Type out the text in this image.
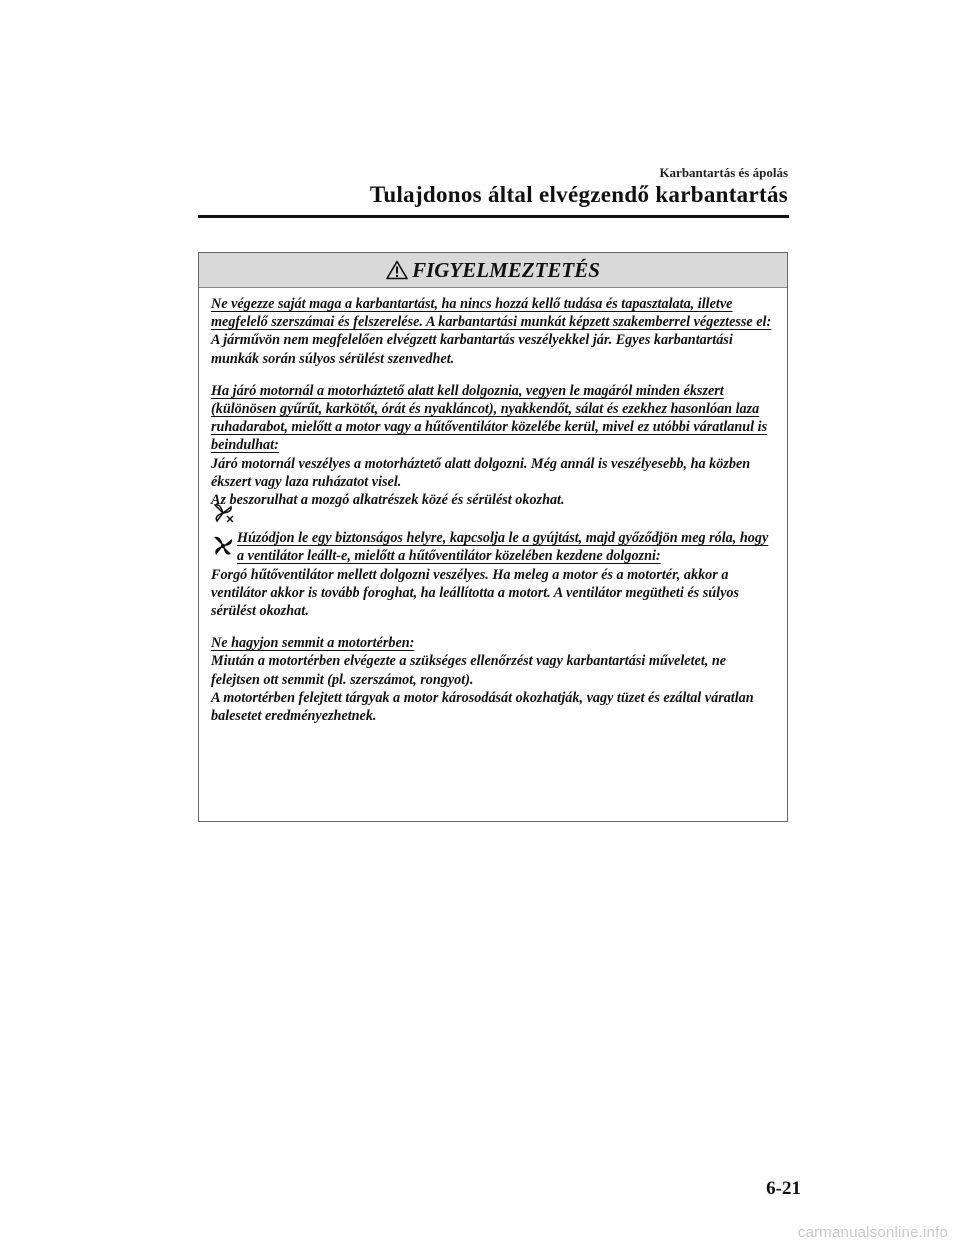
Karbantartás és ápolás
Tulajdonos által elvégzendő karbantartás
FIGYELMEZTETÉS
Ne végezze saját maga a karbantartást, ha nincs hozzá kellő tudása és tapasztalata, illetve megfelelő szerszámai és felszerelése. A karbantartási munkát képzett szakemberrel végeztesse el:
A járművön nem megfelelően elvégzett karbantartás veszélyekkel jár. Egyes karbantartási munkák során súlyos sérülést szenvedhet.
Ha járó motornál a motorháztető alatt kell dolgoznia, vegyen le magáról minden ékszert (különösen gyűrűt, karkötőt, órát és nyakláncot), nyakkendőt, sálat és ezekhez hasonlóan laza ruhadarabot, mielőtt a motor vagy a hűtőventilátor közelébe kerül, mivel ez utóbbi váratlanul is beindulhat:
Járó motornál veszélyes a motorháztető alatt dolgozni. Még annál is veszélyesebb, ha közben ékszert vagy laza ruházatot visel.
Az beszorulhat a mozgó alkatrészek közé és sérülést okozhat.

Húzódjon le egy biztonságos helyre, kapcsolja le a gyújtást, majd győződjön meg róla, hogy a ventilátor leállt-e, mielőtt a hűtőventilátor közelében kezdene dolgozni:
Forgó hűtőventilátor mellett dolgozni veszélyes. Ha meleg a motor és a motortér, akkor a ventilátor akkor is tovább foroghat, ha leállította a motort. A ventilátor megütheti és súlyos sérülést okozhat.
Ne hagyjon semmit a motortérben:
Miután a motortérben elvégezte a szükséges ellenőrzést vagy karbantartási műveletet, ne felejtsen ott semmit (pl. szerszámot, rongyot).
A motortérben felejtett tárgyak a motor károsodását okozhatják, vagy tüzet és ezáltal váratlan balesetet eredményezhetnek.
6-21
carmanualsonline.info
